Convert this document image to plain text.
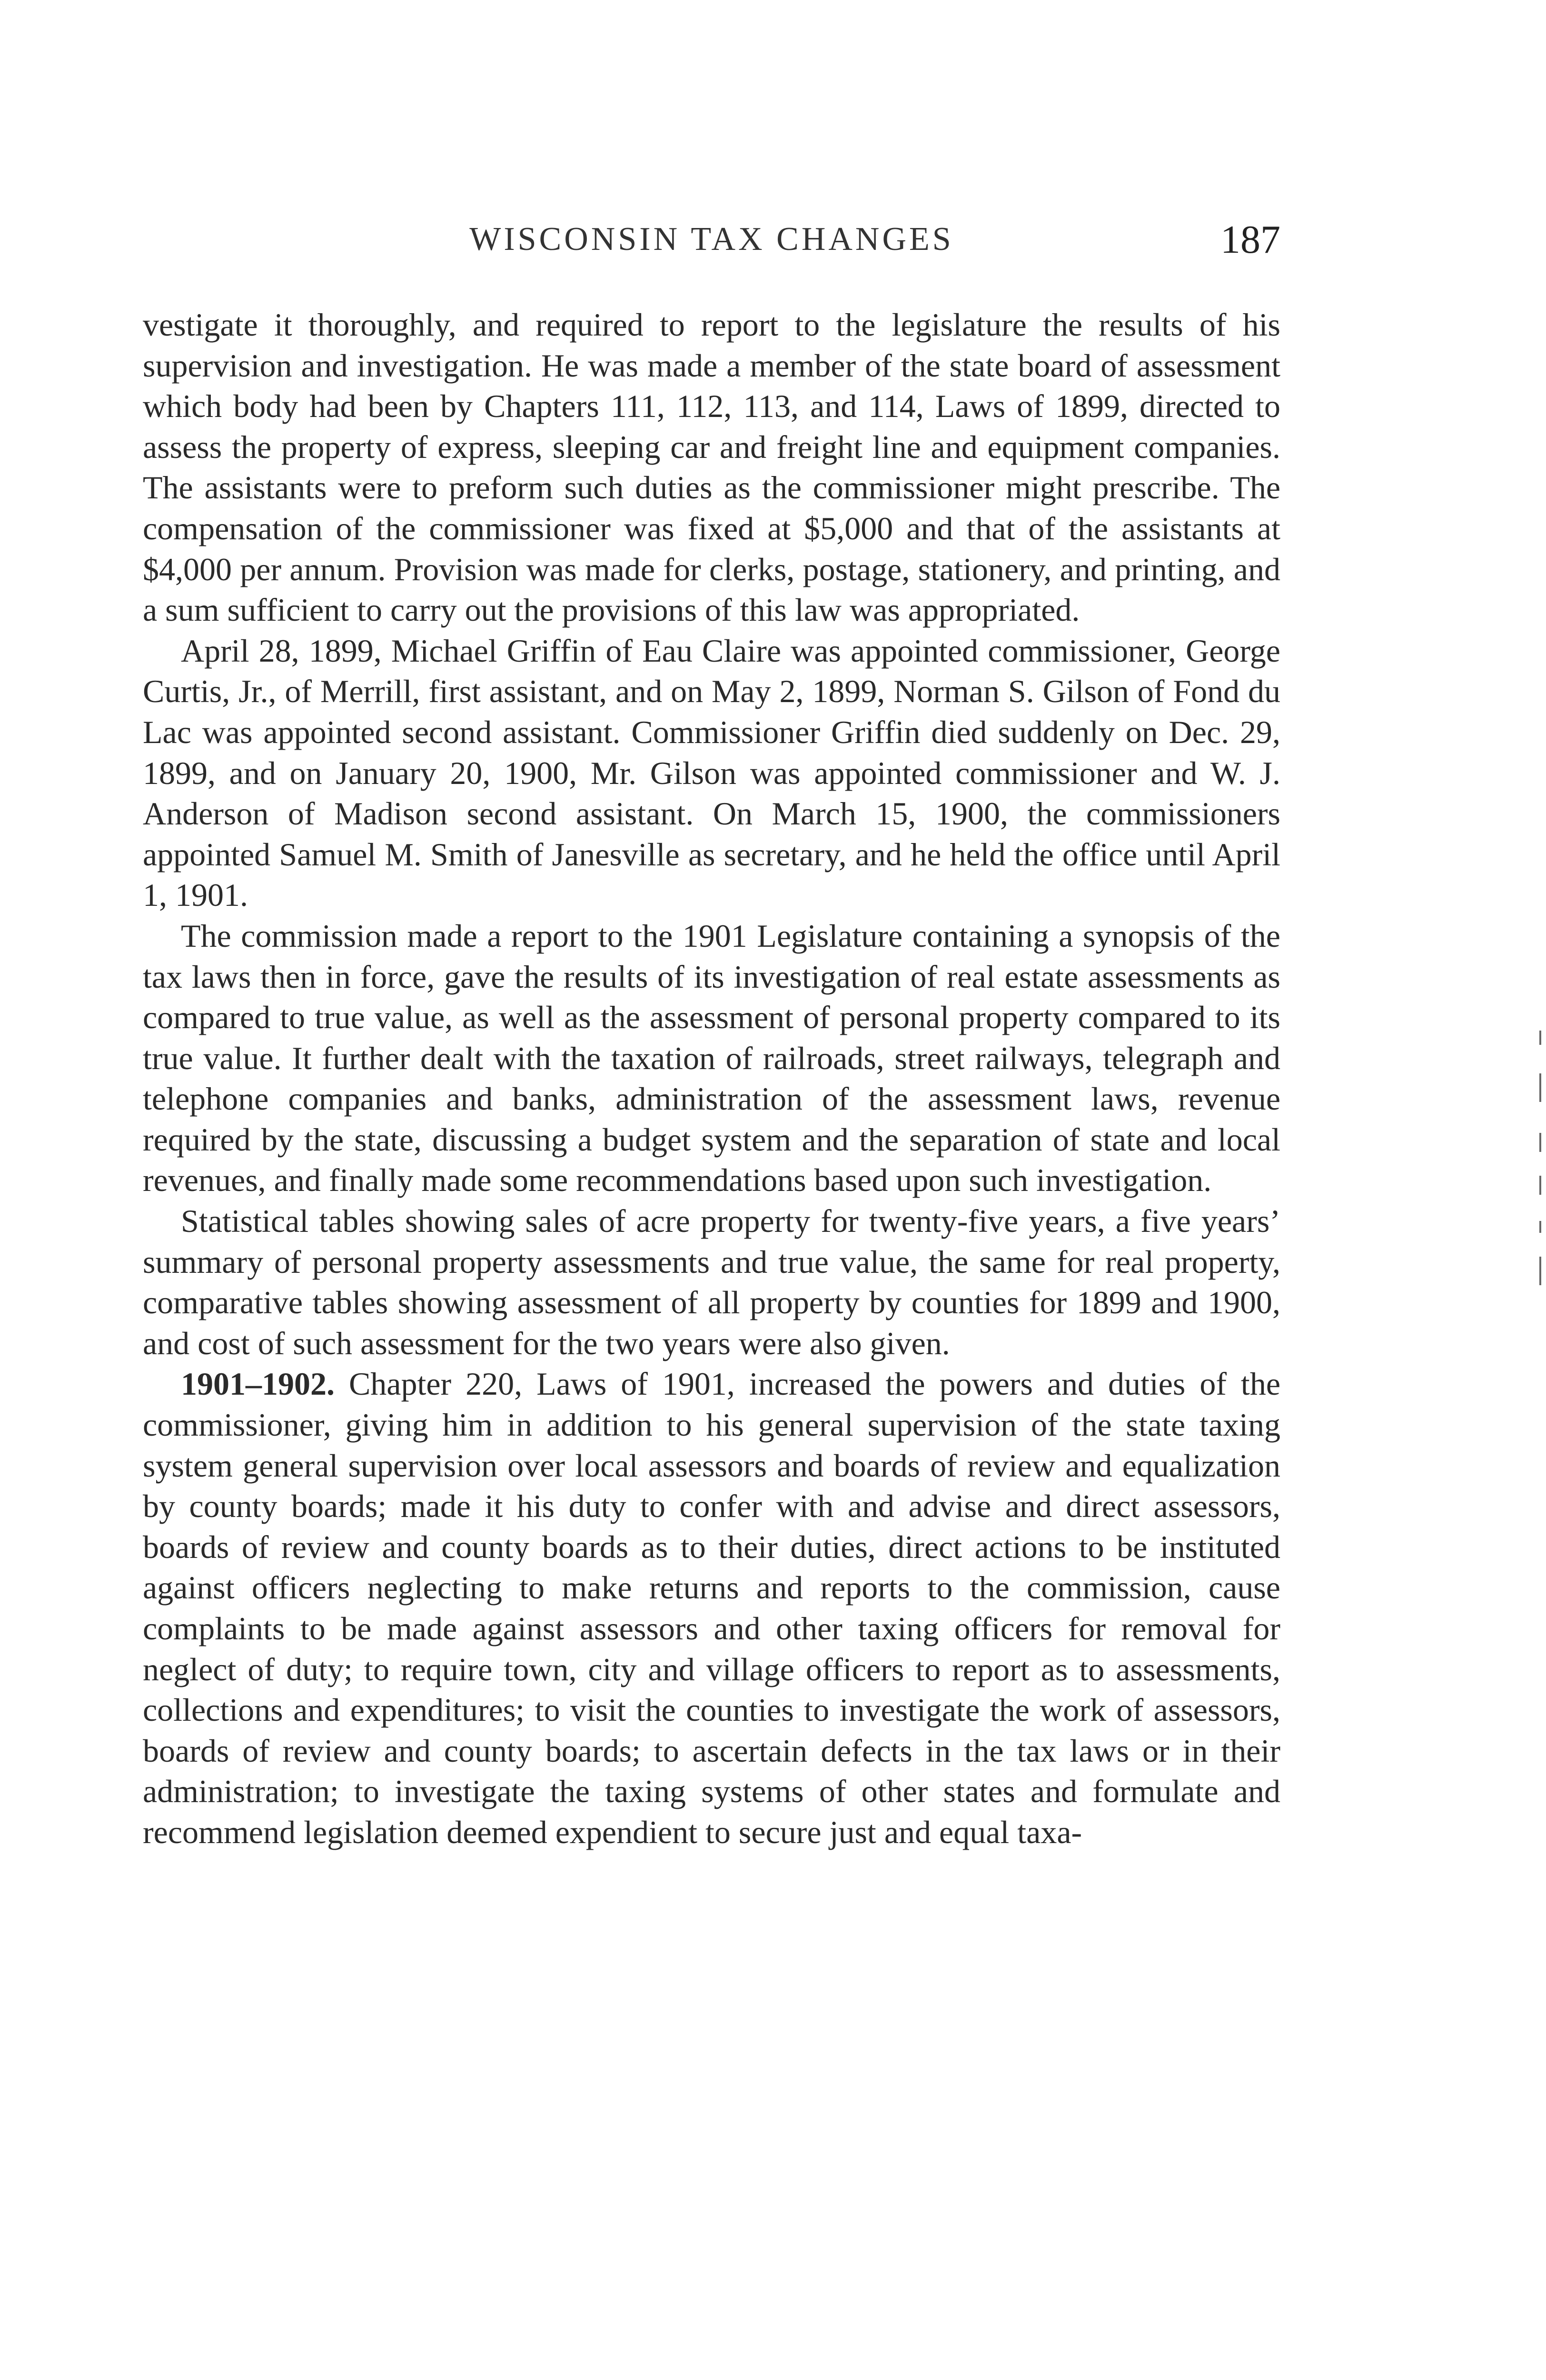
WISCONSIN TAX CHANGES	187

vestigate it thoroughly, and required to report to the legislature the results of his supervision and investigation. He was made a member of the state board of assessment which body had been by Chapters 111, 112, 113, and 114, Laws of 1899, directed to assess the property of express, sleeping car and freight line and equipment companies. The assistants were to preform such duties as the commissioner might prescribe. The compensation of the commissioner was fixed at $5,000 and that of the assistants at $4,000 per annum. Provision was made for clerks, postage, stationery, and printing, and a sum sufficient to carry out the provisions of this law was appropriated.

April 28, 1899, Michael Griffin of Eau Claire was appointed commissioner, George Curtis, Jr., of Merrill, first assistant, and on May 2, 1899, Norman S. Gilson of Fond du Lac was appointed second assistant. Commissioner Griffin died suddenly on Dec. 29, 1899, and on January 20, 1900, Mr. Gilson was appointed commissioner and W. J. Anderson of Madison second assistant. On March 15, 1900, the commissioners appointed Samuel M. Smith of Janesville as secretary, and he held the office until April 1, 1901.

The commission made a report to the 1901 Legislature containing a synopsis of the tax laws then in force, gave the results of its investigation of real estate assessments as compared to true value, as well as the assessment of personal property compared to its true value. It further dealt with the taxation of railroads, street railways, telegraph and telephone companies and banks, administration of the assessment laws, revenue required by the state, discussing a budget system and the separation of state and local revenues, and finally made some recommendations based upon such investigation.

Statistical tables showing sales of acre property for twenty-five years, a five years’ summary of personal property assessments and true value, the same for real property, comparative tables showing assessment of all property by counties for 1899 and 1900, and cost of such assessment for the two years were also given.

1901–1902. Chapter 220, Laws of 1901, increased the powers and duties of the commissioner, giving him in addition to his general supervision of the state taxing system general supervision over local assessors and boards of review and equalization by county boards; made it his duty to confer with and advise and direct assessors, boards of review and county boards as to their duties, direct actions to be instituted against officers neglecting to make returns and reports to the commission, cause complaints to be made against assessors and other taxing officers for removal for neglect of duty; to require town, city and village officers to report as to assessments, collections and expenditures; to visit the counties to investigate the work of assessors, boards of review and county boards; to ascertain defects in the tax laws or in their administration; to investigate the taxing systems of other states and formulate and recommend legislation deemed expendient to secure just and equal taxa-
